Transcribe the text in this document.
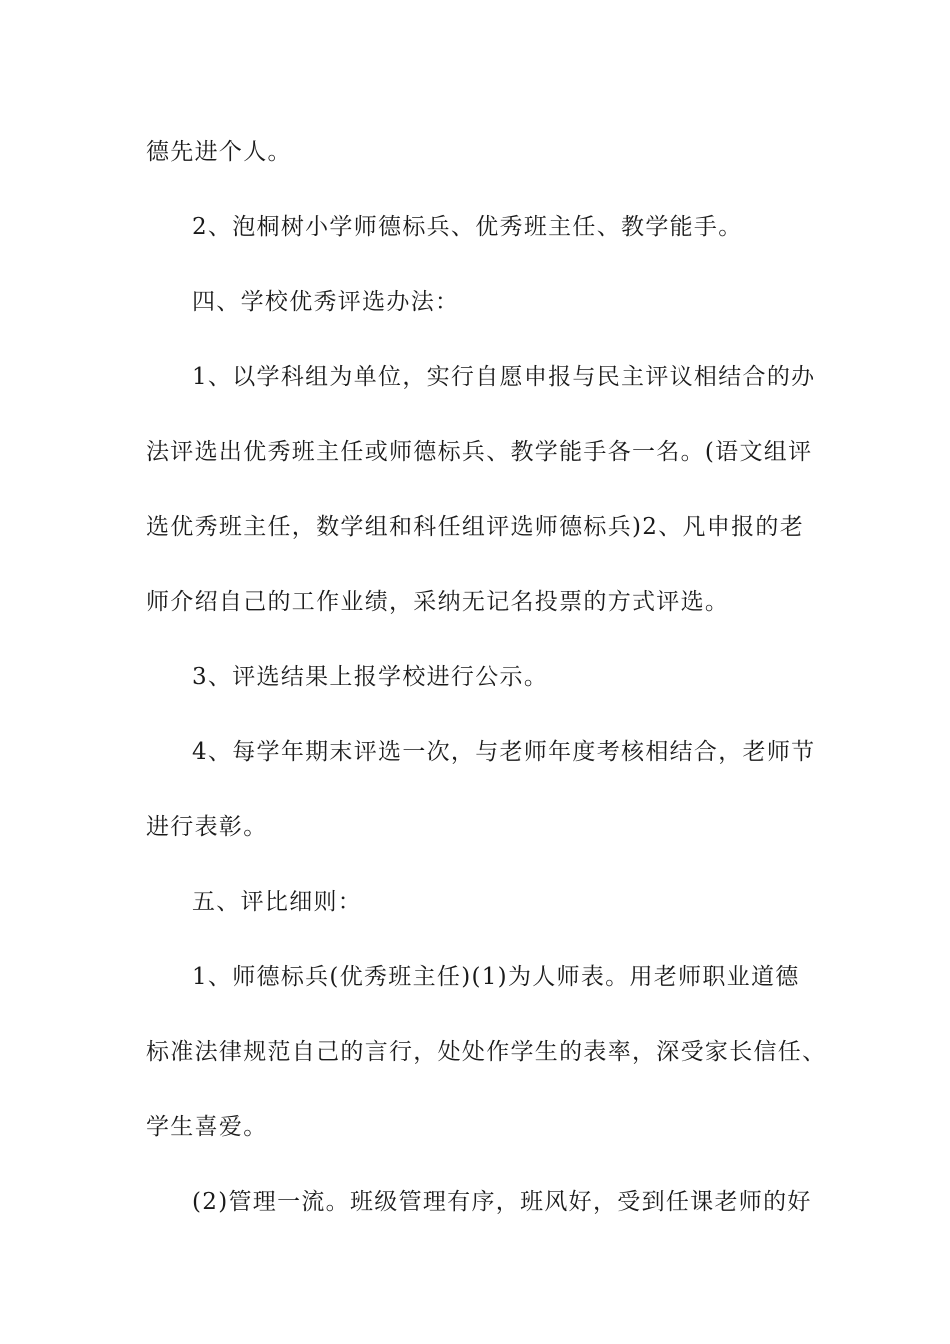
德先进个人。

2、泡桐树小学师德标兵、优秀班主任、教学能手。

四、学校优秀评选办法：

1、以学科组为单位，实行自愿申报与民主评议相结合的办

法评选出优秀班主任或师德标兵、教学能手各一名。(语文组评

选优秀班主任，数学组和科任组评选师德标兵)2、凡申报的老

师介绍自己的工作业绩，采纳无记名投票的方式评选。

3、评选结果上报学校进行公示。

4、每学年期末评选一次，与老师年度考核相结合，老师节

进行表彰。

五、评比细则：

1、师德标兵(优秀班主任)(1)为人师表。用老师职业道德

标准法律规范自己的言行，处处作学生的表率，深受家长信任、

学生喜爱。

(2)管理一流。班级管理有序，班风好，受到任课老师的好
